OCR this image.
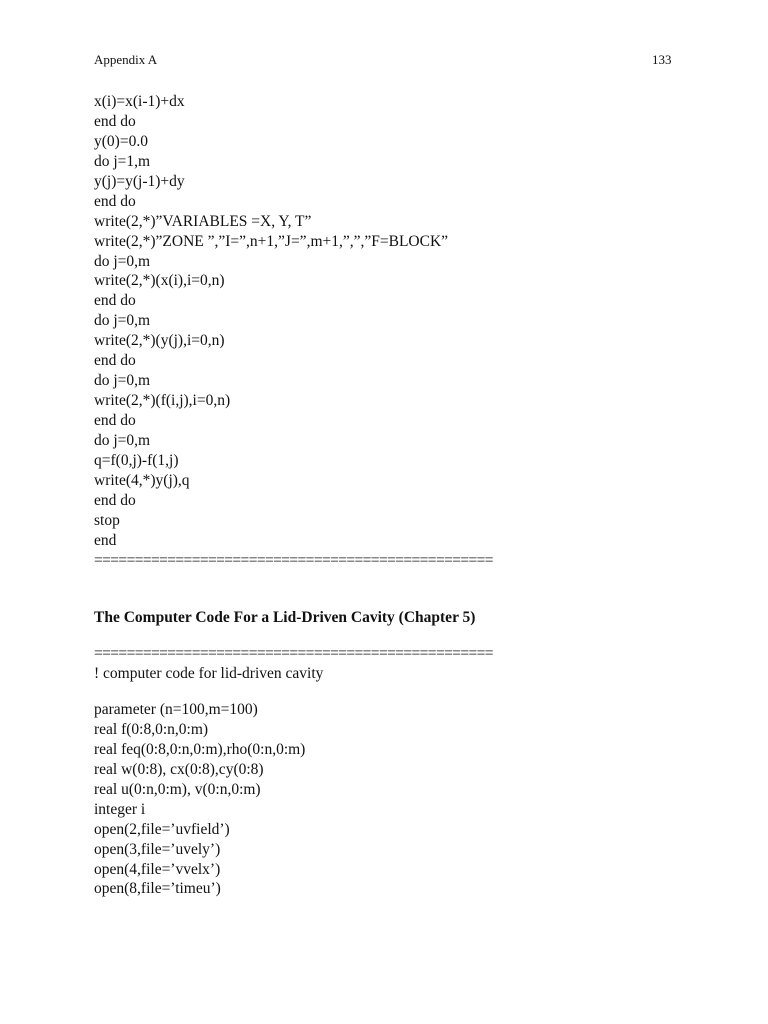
Appendix A	133
x(i)=x(i-1)+dx
end do
y(0)=0.0
do j=1,m
y(j)=y(j-1)+dy
end do
write(2,*)”VARIABLES =X, Y, T”
write(2,*)”ZONE ”,”I=”,n+1,”J=”,m+1,”,”,”F=BLOCK”
do j=0,m
write(2,*)(x(i),i=0,n)
end do
do j=0,m
write(2,*)(y(j),i=0,n)
end do
do j=0,m
write(2,*)(f(i,j),i=0,n)
end do
do j=0,m
q=f(0,j)-f(1,j)
write(4,*)y(j),q
end do
stop
end
=================================================
The Computer Code For a Lid-Driven Cavity (Chapter 5)
=================================================
! computer code for lid-driven cavity
parameter (n=100,m=100)
real f(0:8,0:n,0:m)
real feq(0:8,0:n,0:m),rho(0:n,0:m)
real w(0:8), cx(0:8),cy(0:8)
real u(0:n,0:m), v(0:n,0:m)
integer i
open(2,file=’uvfield’)
open(3,file=’uvely’)
open(4,file=’vvelx’)
open(8,file=’timeu’)
